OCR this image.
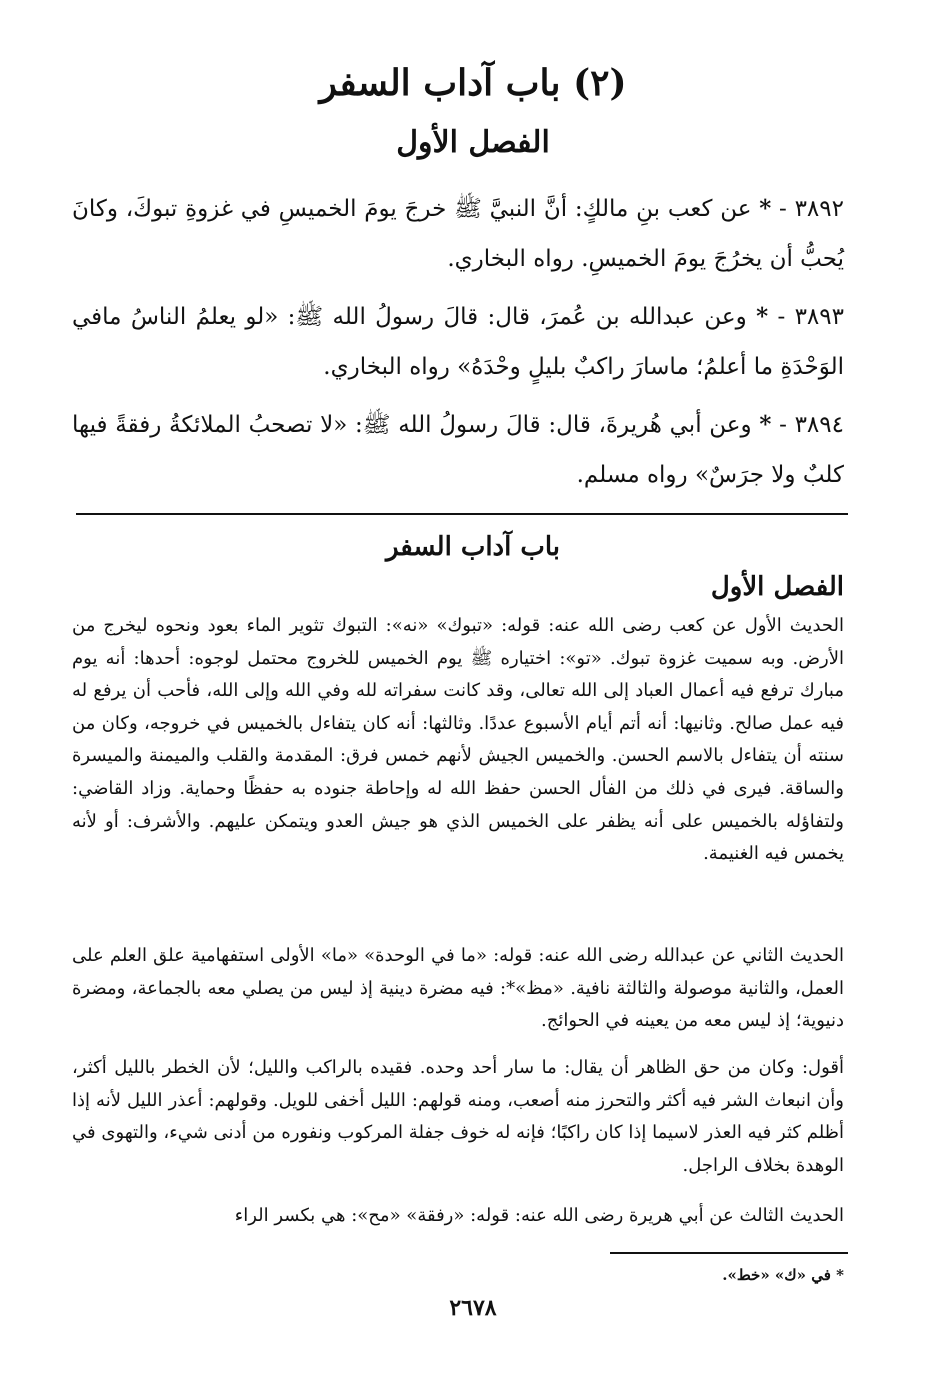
(٢) باب آداب السفر
الفصل الأول
٣٨٩٢ - * عن كعب بنِ مالكٍ: أنَّ النبيَّ ﷺ خرجَ يومَ الخميسِ في غزوةِ تبوكَ، وكانَ يُحبُّ أن يخرُجَ يومَ الخميسِ. رواه البخاري.
٣٨٩٣ - * وعن عبدالله بن عُمرَ، قال: قالَ رسولُ الله ﷺ: «لو يعلمُ الناسُ مافي الوَحْدَةِ ما أعلمُ؛ ماسارَ راكبٌ بليلٍ وحْدَهُ» رواه البخاري.
٣٨٩٤ - * وعن أبي هُريرةَ، قال: قالَ رسولُ الله ﷺ: «لا تصحبُ الملائكةُ رفقةً فيها كلبٌ ولا جرَسٌ» رواه مسلم.
باب آداب السفر
الفصل الأول

الحديث الأول عن كعب رضى الله عنه: قوله: «تبوك» «نه»: التبوك تثوير الماء بعود ونحوه ليخرج من الأرض. وبه سميت غزوة تبوك. «تو»: اختياره ﷺ يوم الخميس للخروج محتمل لوجوه: أحدها: أنه يوم مبارك ترفع فيه أعمال العباد إلى الله تعالى، وقد كانت سفراته لله وفي الله وإلى الله، فأحب أن يرفع له فيه عمل صالح. وثانيها: أنه أتم أيام الأسبوع عددًا. وثالثها: أنه كان يتفاءل بالخميس في خروجه، وكان من سنته أن يتفاءل بالاسم الحسن. والخميس الجيش لأنهم خمس فرق: المقدمة والقلب والميمنة والميسرة والساقة. فيرى في ذلك من الفأل الحسن حفظ الله له وإحاطة جنوده به حفظًا وحماية. وزاد القاضي: ولتفاؤله بالخميس على أنه يظفر على الخميس الذي هو جيش العدو ويتمكن عليهم. والأشرف: أو لأنه يخمس فيه الغنيمة.

الحديث الثاني عن عبدالله رضى الله عنه: قوله: «ما في الوحدة» «ما» الأولى استفهامية علق العلم على العمل، والثانية موصولة والثالثة نافية. «مظ»*: فيه مضرة دينية إذ ليس من يصلي معه بالجماعة، ومضرة دنيوية؛ إذ ليس معه من يعينه في الحوائج.

أقول: وكان من حق الظاهر أن يقال: ما سار أحد وحده. فقيده بالراكب والليل؛ لأن الخطر بالليل أكثر، وأن انبعاث الشر فيه أكثر والتحرز منه أصعب، ومنه قولهم: الليل أخفى للويل. وقولهم: أعذر الليل لأنه إذا أظلم كثر فيه العذر لاسيما إذا كان راكبًا؛ فإنه له خوف جفلة المركوب ونفوره من أدنى شيء، والتهوى في الوهدة بخلاف الراجل.

الحديث الثالث عن أبي هريرة رضى الله عنه: قوله: «رفقة» «مح»: هي بكسر الراء

* في «ك» «خط».
٢٦٧٨
